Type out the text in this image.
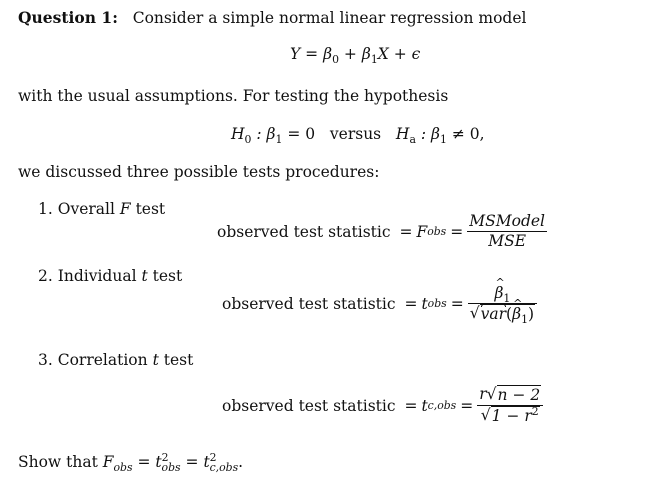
Question 1: Consider a simple normal linear regression model
$Y = \beta_0 + \beta_1X + \epsilon$
with the usual assumptions. For testing the hypothesis
$H_0$ : $\beta_1 = 0$ versus $H_a$ : $\beta_1 \ne 0$,
we discussed three possible tests procedures:
1. Overall F test
observed test statistic = F obs = $\frac{\text{MSModel}}{\text{MSE}}$
2. Individual t test
observed test statistic = t obs =
^ $\frac{\beta_1}{√ var(\^{} \beta_1)}$
3. Correlation t test
observed test statistic = t $c,obs = \frac{r√ n - 2}{√ 1 - r^2}$
Show that $F_{obs} = t^2_{obs} = t^2_{c,obs}$.
